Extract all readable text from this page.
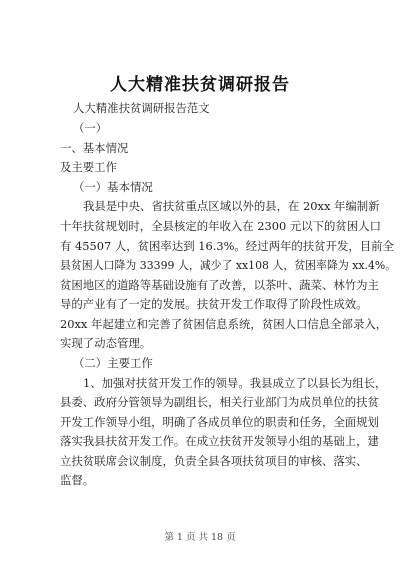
人大精准扶贫调研报告
人大精准扶贫调研报告范文
（一）
一、基本情况
及主要工作
（一）基本情况
我县是中央、省扶贫重点区域以外的县，在 20xx 年编制新
十年扶贫规划时，全县核定的年收入在 2300 元以下的贫困人口
有 45507 人，贫困率达到 16.3%。经过两年的扶贫开发，目前全
县贫困人口降为 33399 人，减少了 xx108 人，贫困率降为 xx.4%。
贫困地区的道路等基础设施有了改善，以茶叶、蔬菜、林竹为主
导的产业有了一定的发展。扶贫开发工作取得了阶段性成效。
20xx 年起建立和完善了贫困信息系统，贫困人口信息全部录入，
实现了动态管理。
（二）主要工作
1、加强对扶贫开发工作的领导。我县成立了以县长为组长，
县委、政府分管领导为副组长，相关行业部门为成员单位的扶贫
开发工作领导小组，明确了各成员单位的职责和任务，全面规划
落实我县扶贫开发工作。在成立扶贫开发领导小组的基础上，建
立扶贫联席会议制度，负责全县各项扶贫项目的审核、落实、
监督。
第 1 页 共 18 页
